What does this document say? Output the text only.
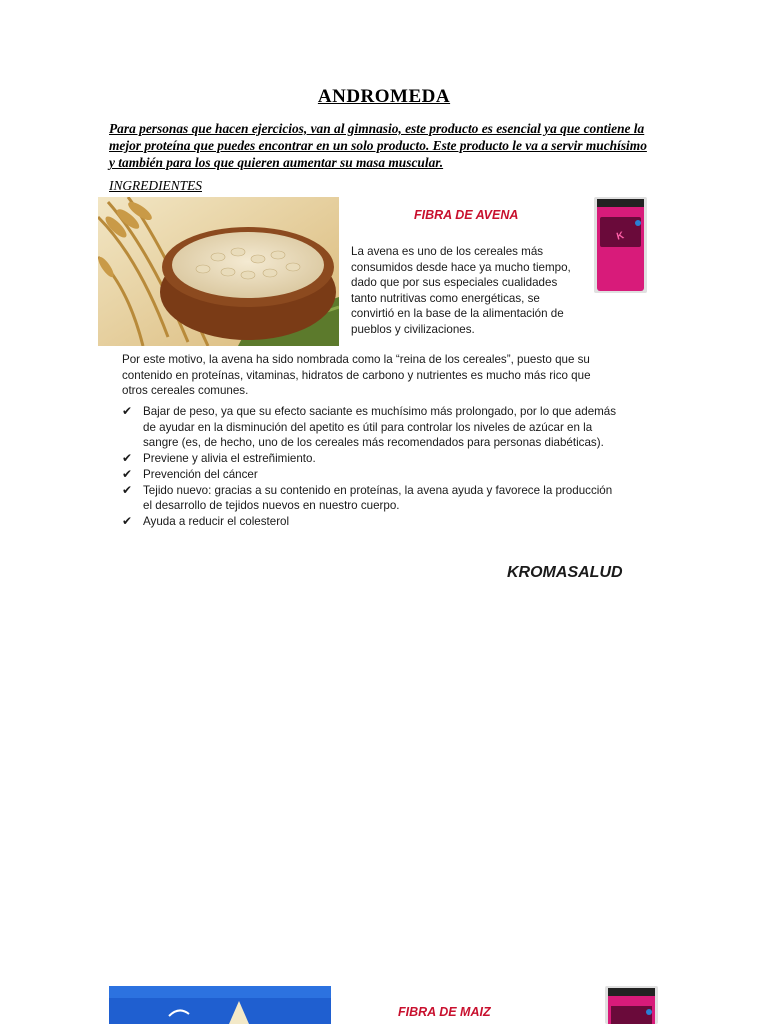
ANDROMEDA

Para personas que hacen ejercicios, van al gimnasio, este producto es esencial ya que contiene la mejor proteína que puedes encontrar en un solo producto. Este producto le va a servir muchísimo y también para los que quieren aumentar su masa muscular.

INGREDIENTES
FIBRA DE AVENA
K

La avena es uno de los cereales más consumidos desde hace ya mucho tiempo, dado que por sus especiales cualidades tanto nutritivas como energéticas, se convirtió en la base de la alimentación de pueblos y civilizaciones.

Por este motivo, la avena ha sido nombrada como la “reina de los cereales”, puesto que su contenido en proteínas, vitaminas, hidratos de carbono y nutrientes es mucho más rico que otros cereales comunes.

✔ Bajar de peso, ya que su efecto saciante es muchísimo más prolongado, por lo que además de ayudar en la disminución del apetito es útil para controlar los niveles de azúcar en la sangre (es, de hecho, uno de los cereales más recomendados para personas diabéticas).
✔ Previene y alivia el estreñimiento.
✔ Prevención del cáncer
✔ Tejido nuevo: gracias a su contenido en proteínas, la avena ayuda y favorece la producción el desarrollo de tejidos nuevos en nuestro cuerpo.
✔ Ayuda a reducir el colesterol
KROMASALUD
FIBRA DE MAIZ
